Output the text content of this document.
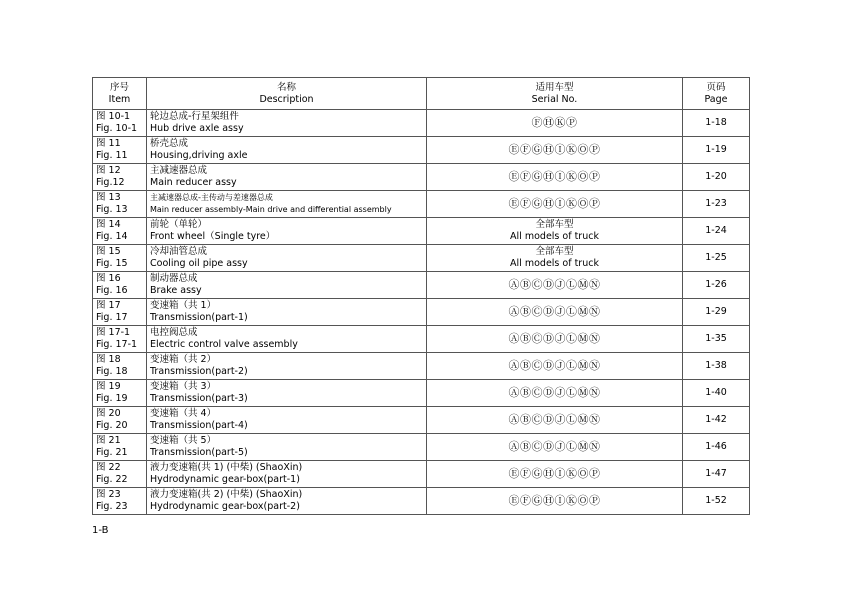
序号
Item	名称
Description	适用车型
Serial No.	页码
Page

图 10-1
Fig. 10-1	轮边总成-行星架组件
Hub drive axle assy	ⒻⒽⓀⓅ	1-18

图 11
Fig. 11	桥壳总成
Housing,driving axle	ⒺⒻⒼⒽⒾⓀⓄⓅ	1-19

图 12
Fig.12	主减速器总成
Main reducer assy	ⒺⒻⒼⒽⒾⓀⓄⓅ	1-20

图 13
Fig. 13	主减速器总成-主传动与差速器总成
Main reducer assembly-Main drive and differential assembly	ⒺⒻⒼⒽⒾⓀⓄⓅ	1-23

图 14
Fig. 14	前轮（单轮）
Front wheel（Single tyre）	全部车型
All models of truck	1-24

图 15
Fig. 15	冷却油管总成
Cooling oil pipe assy	全部车型
All models of truck	1-25

图 16
Fig. 16	制动器总成
Brake assy	ⒶⒷⒸⒹⒿⓁⓂⓃ	1-26

图 17
Fig. 17	变速箱（共 1）
Transmission(part-1)	ⒶⒷⒸⒹⒿⓁⓂⓃ	1-29

图 17-1
Fig. 17-1	电控阀总成
Electric control valve assembly	ⒶⒷⒸⒹⒿⓁⓂⓃ	1-35

图 18
Fig. 18	变速箱（共 2）
Transmission(part-2)	ⒶⒷⒸⒹⒿⓁⓂⓃ	1-38

图 19
Fig. 19	变速箱（共 3）
Transmission(part-3)	ⒶⒷⒸⒹⒿⓁⓂⓃ	1-40

图 20
Fig. 20	变速箱（共 4）
Transmission(part-4)	ⒶⒷⒸⒹⒿⓁⓂⓃ	1-42

图 21
Fig. 21	变速箱（共 5）
Transmission(part-5)	ⒶⒷⒸⒹⒿⓁⓂⓃ	1-46

图 22
Fig. 22	液力变速箱(共 1) (中柴) (ShaoXin)
Hydrodynamic gear-box(part-1)	ⒺⒻⒼⒽⒾⓀⓄⓅ	1-47

图 23
Fig. 23	液力变速箱(共 2) (中柴) (ShaoXin)
Hydrodynamic gear-box(part-2)	ⒺⒻⒼⒽⒾⓀⓄⓅ	1-52
1-B
